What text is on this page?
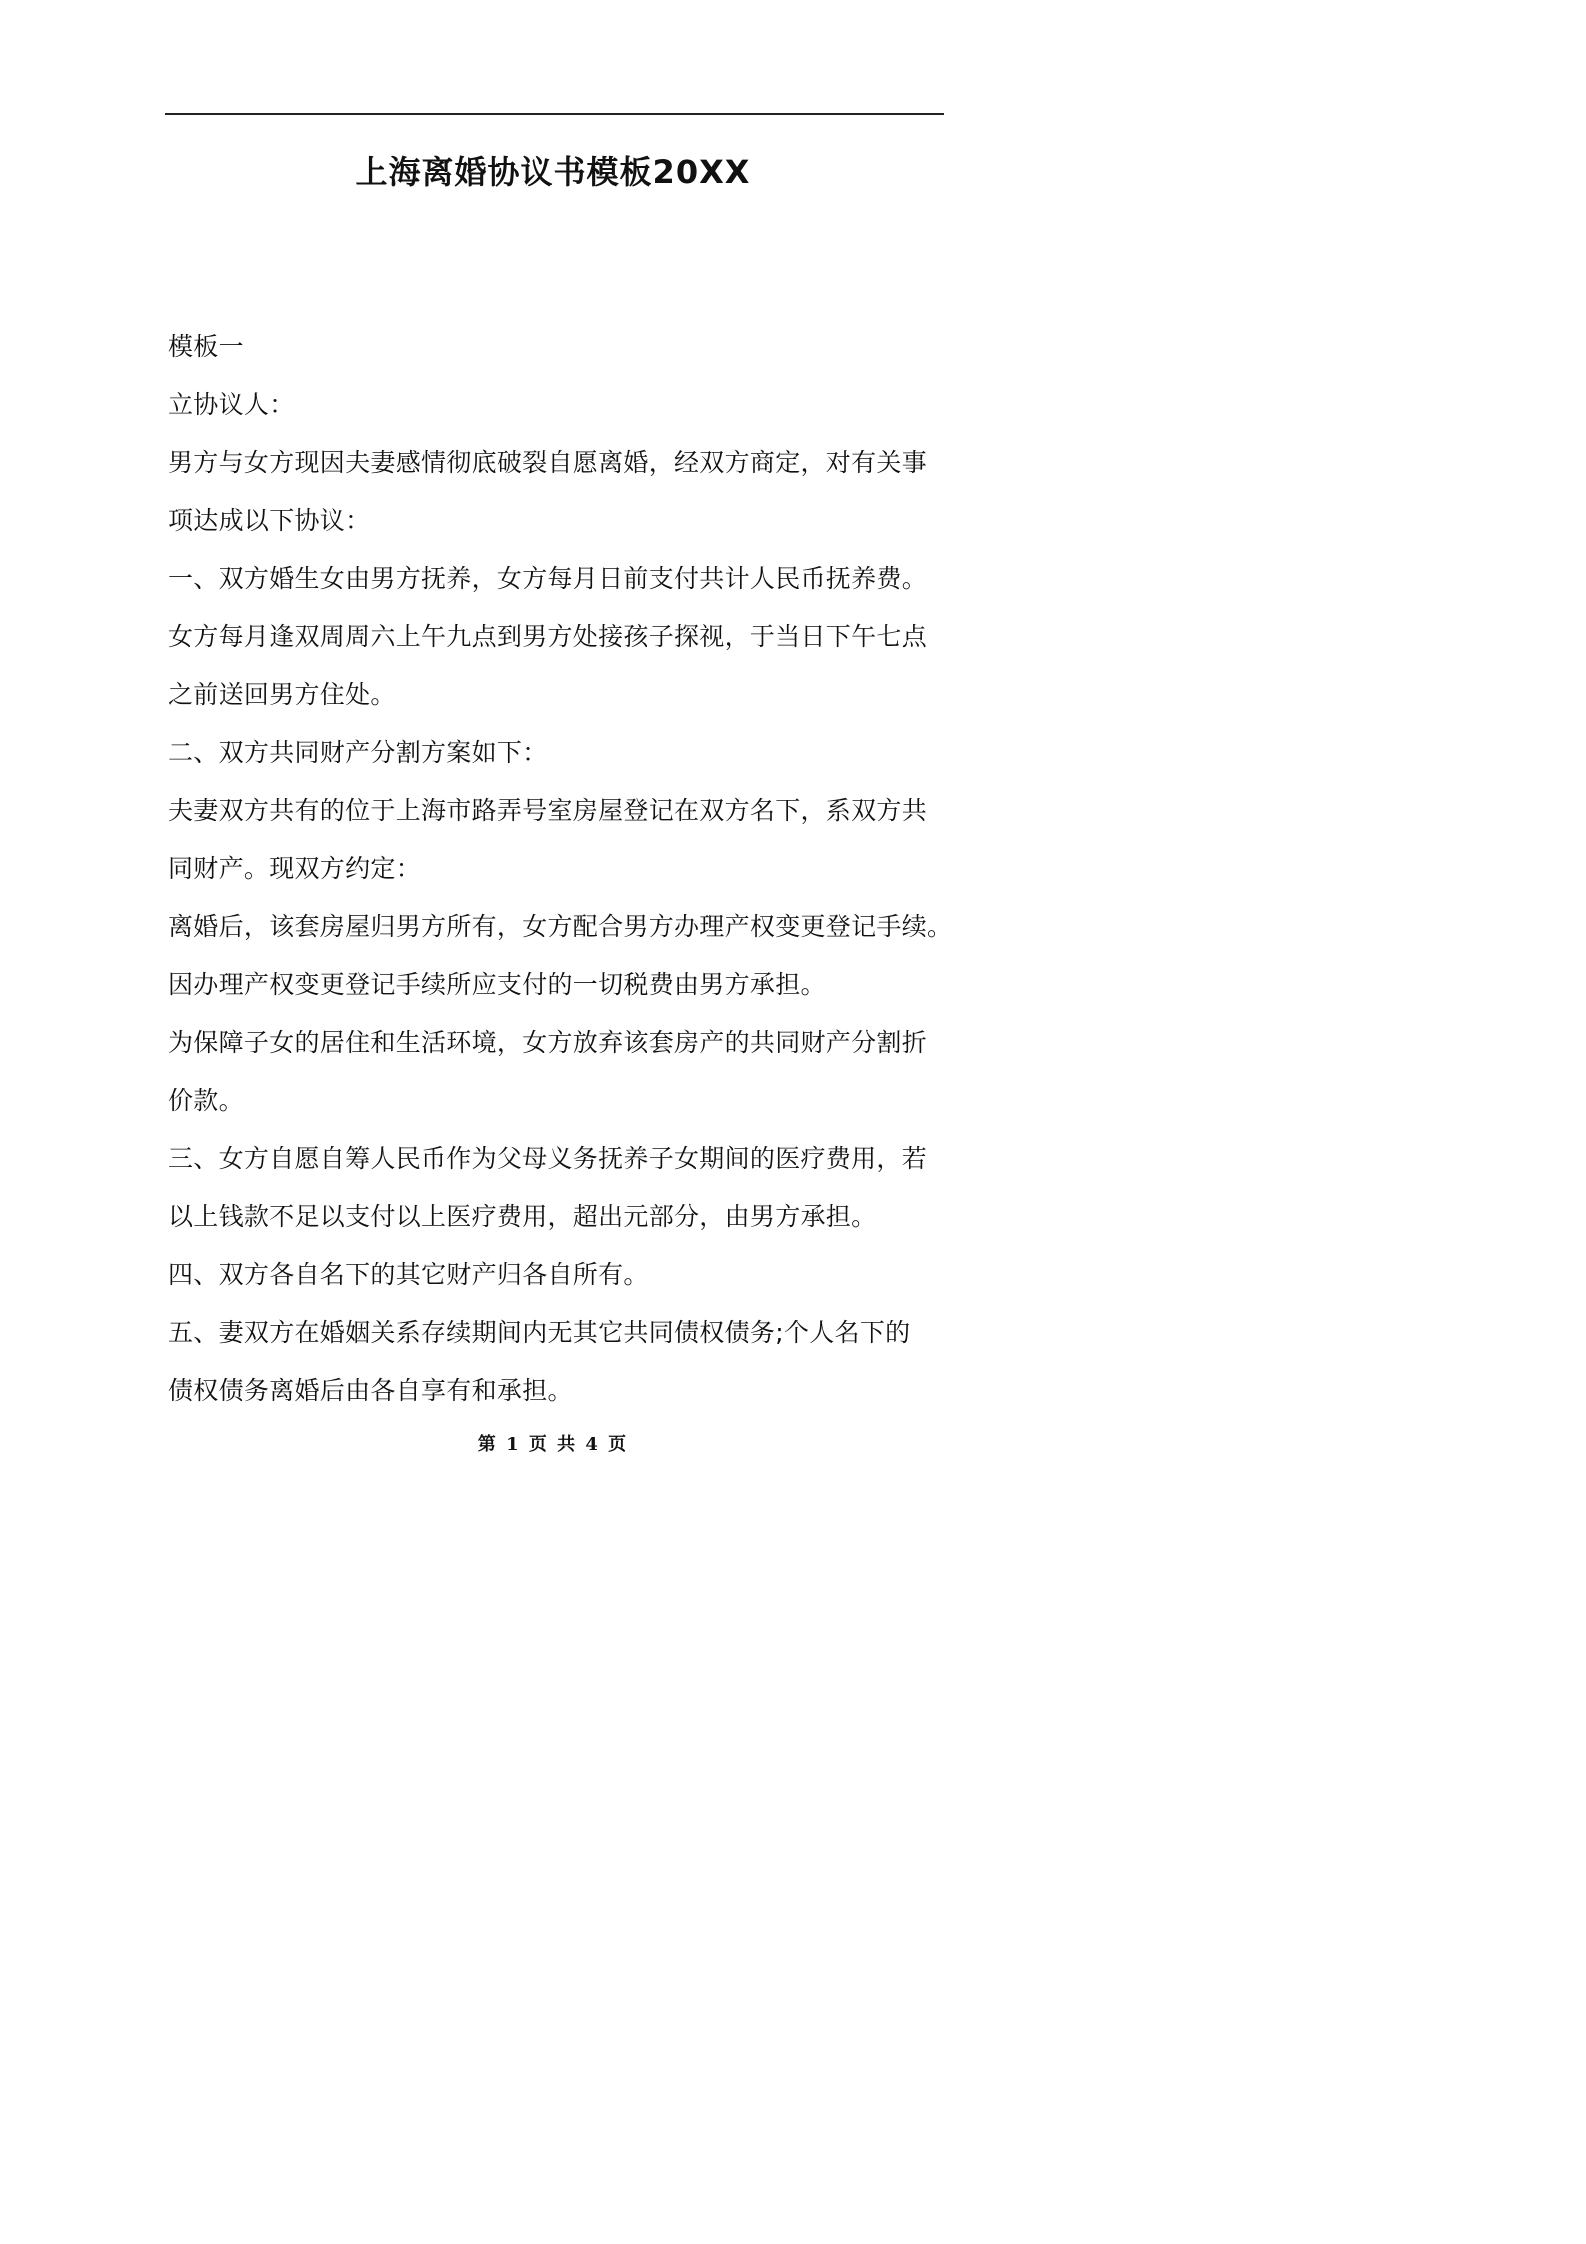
上海离婚协议书模板20XX
模板一
立协议人：
男方与女方现因夫妻感情彻底破裂自愿离婚，经双方商定，对有关事
项达成以下协议：
一、双方婚生女由男方抚养，女方每月日前支付共计人民币抚养费。
女方每月逢双周周六上午九点到男方处接孩子探视，于当日下午七点
之前送回男方住处。
二、双方共同财产分割方案如下：
夫妻双方共有的位于上海市路弄号室房屋登记在双方名下，系双方共
同财产。现双方约定：
离婚后，该套房屋归男方所有，女方配合男方办理产权变更登记手续。
因办理产权变更登记手续所应支付的一切税费由男方承担。
为保障子女的居住和生活环境，女方放弃该套房产的共同财产分割折
价款。
三、女方自愿自筹人民币作为父母义务抚养子女期间的医疗费用，若
以上钱款不足以支付以上医疗费用，超出元部分，由男方承担。
四、双方各自名下的其它财产归各自所有。
五、妻双方在婚姻关系存续期间内无其它共同债权债务;个人名下的
债权债务离婚后由各自享有和承担。
第 1 页 共 4 页
